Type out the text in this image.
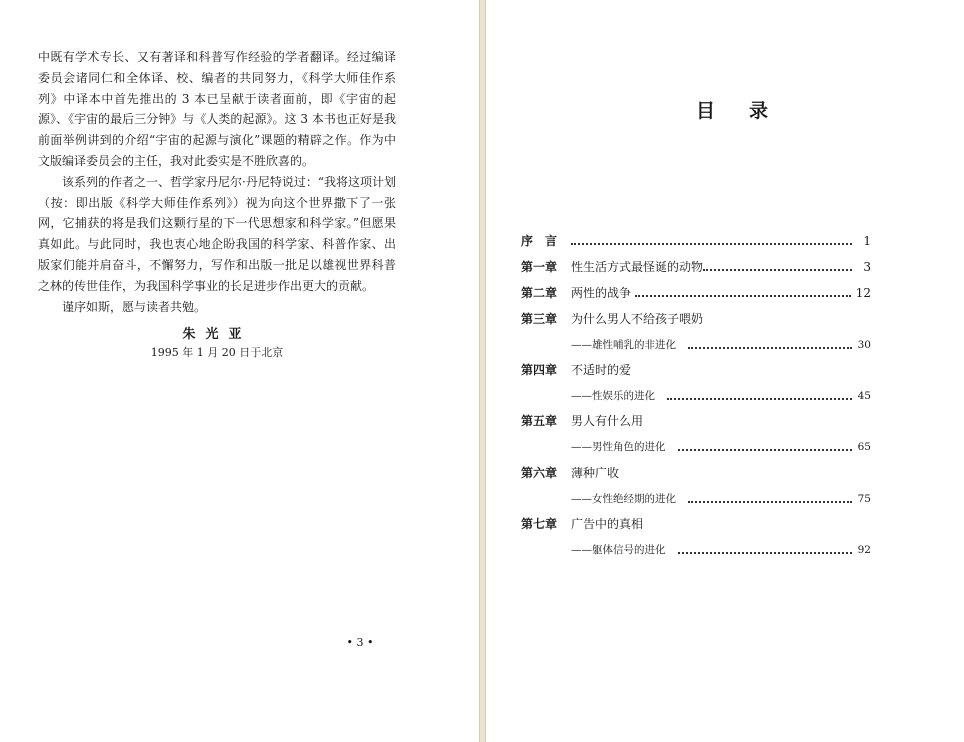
中既有学术专长、又有著译和科普写作经验的学者翻译。经过编译委员会诸同仁和全体译、校、编者的共同努力，《科学大师佳作系列》中译本中首先推出的 3 本已呈献于读者面前，即《宇宙的起源》、《宇宙的最后三分钟》与《人类的起源》。这 3 本书也正好是我前面举例讲到的介绍“宇宙的起源与演化”课题的精辟之作。作为中文版编译委员会的主任，我对此委实是不胜欣喜的。

该系列的作者之一、哲学家丹尼尔·丹尼特说过：“我将这项计划（按：即出版《科学大师佳作系列》）视为向这个世界撒下了一张网，它捕获的将是我们这颗行星的下一代思想家和科学家。”但愿果真如此。与此同时，我也衷心地企盼我国的科学家、科普作家、出版家们能并肩奋斗，不懈努力，写作和出版一批足以雄视世界科普之林的传世佳作，为我国科学事业的长足进步作出更大的贡献。

谨序如斯，愿与读者共勉。

朱光亚
1995 年 1 月 20 日于北京
• 3 •
目录
序　言	1
第一章	性生活方式最怪诞的动物	3
第二章	两性的战争	12
第三章	为什么男人不给孩子喂奶
——雄性哺乳的非进化	30
第四章	不适时的爱
——性娱乐的进化	45
第五章	男人有什么用
——男性角色的进化	65
第六章	薄种广收
——女性绝经期的进化	75
第七章	广告中的真相
——躯体信号的进化	92
